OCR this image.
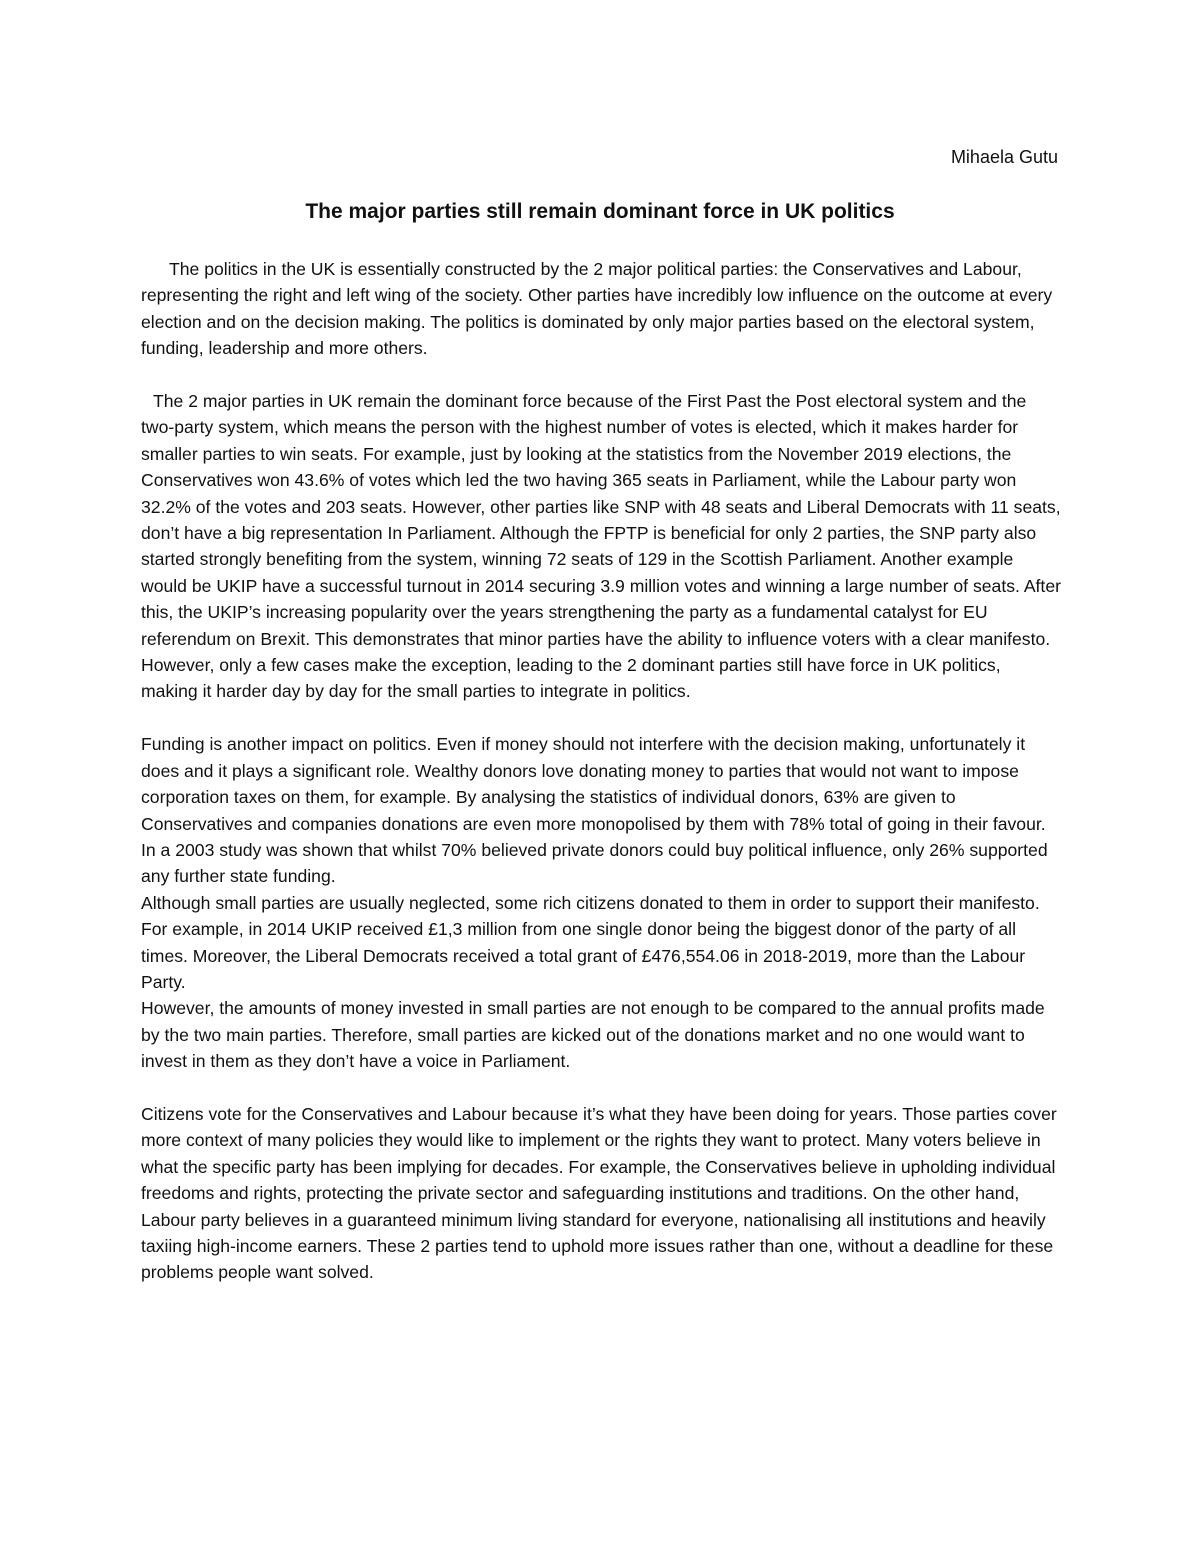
Mihaela Gutu
The major parties still remain dominant force in UK politics

The politics in the UK is essentially constructed by the 2 major political parties: the Conservatives and Labour, representing the right and left wing of the society. Other parties have incredibly low influence on the outcome at every election and on the decision making. The politics is dominated by only major parties based on the electoral system, funding, leadership and more others.

The 2 major parties in UK remain the dominant force because of the First Past the Post electoral system and the two-party system, which means the person with the highest number of votes is elected, which it makes harder for smaller parties to win seats. For example, just by looking at the statistics from the November 2019 elections, the Conservatives won 43.6% of votes which led the two having 365 seats in Parliament, while the Labour party won 32.2% of the votes and 203 seats. However, other parties like SNP with 48 seats and Liberal Democrats with 11 seats, don’t have a big representation In Parliament. Although the FPTP is beneficial for only 2 parties, the SNP party also started strongly benefiting from the system, winning 72 seats of 129 in the Scottish Parliament. Another example would be UKIP have a successful turnout in 2014 securing 3.9 million votes and winning a large number of seats. After this, the UKIP’s increasing popularity over the years strengthening the party as a fundamental catalyst for EU referendum on Brexit. This demonstrates that minor parties have the ability to influence voters with a clear manifesto.

However, only a few cases make the exception, leading to the 2 dominant parties still have force in UK politics, making it harder day by day for the small parties to integrate in politics.

Funding is another impact on politics. Even if money should not interfere with the decision making, unfortunately it does and it plays a significant role. Wealthy donors love donating money to parties that would not want to impose corporation taxes on them, for example. By analysing the statistics of individual donors, 63% are given to Conservatives and companies donations are even more monopolised by them with 78% total of going in their favour. In a 2003 study was shown that whilst 70% believed private donors could buy political influence, only 26% supported any further state funding.

Although small parties are usually neglected, some rich citizens donated to them in order to support their manifesto. For example, in 2014 UKIP received £1,3 million from one single donor being the biggest donor of the party of all times. Moreover, the Liberal Democrats received a total grant of £476,554.06 in 2018-2019, more than the Labour Party.

However, the amounts of money invested in small parties are not enough to be compared to the annual profits made by the two main parties. Therefore, small parties are kicked out of the donations market and no one would want to invest in them as they don’t have a voice in Parliament.

Citizens vote for the Conservatives and Labour because it’s what they have been doing for years. Those parties cover more context of many policies they would like to implement or the rights they want to protect. Many voters believe in what the specific party has been implying for decades. For example, the Conservatives believe in upholding individual freedoms and rights, protecting the private sector and safeguarding institutions and traditions. On the other hand, Labour party believes in a guaranteed minimum living standard for everyone, nationalising all institutions and heavily taxiing high-income earners. These 2 parties tend to uphold more issues rather than one, without a deadline for these problems people want solved.
